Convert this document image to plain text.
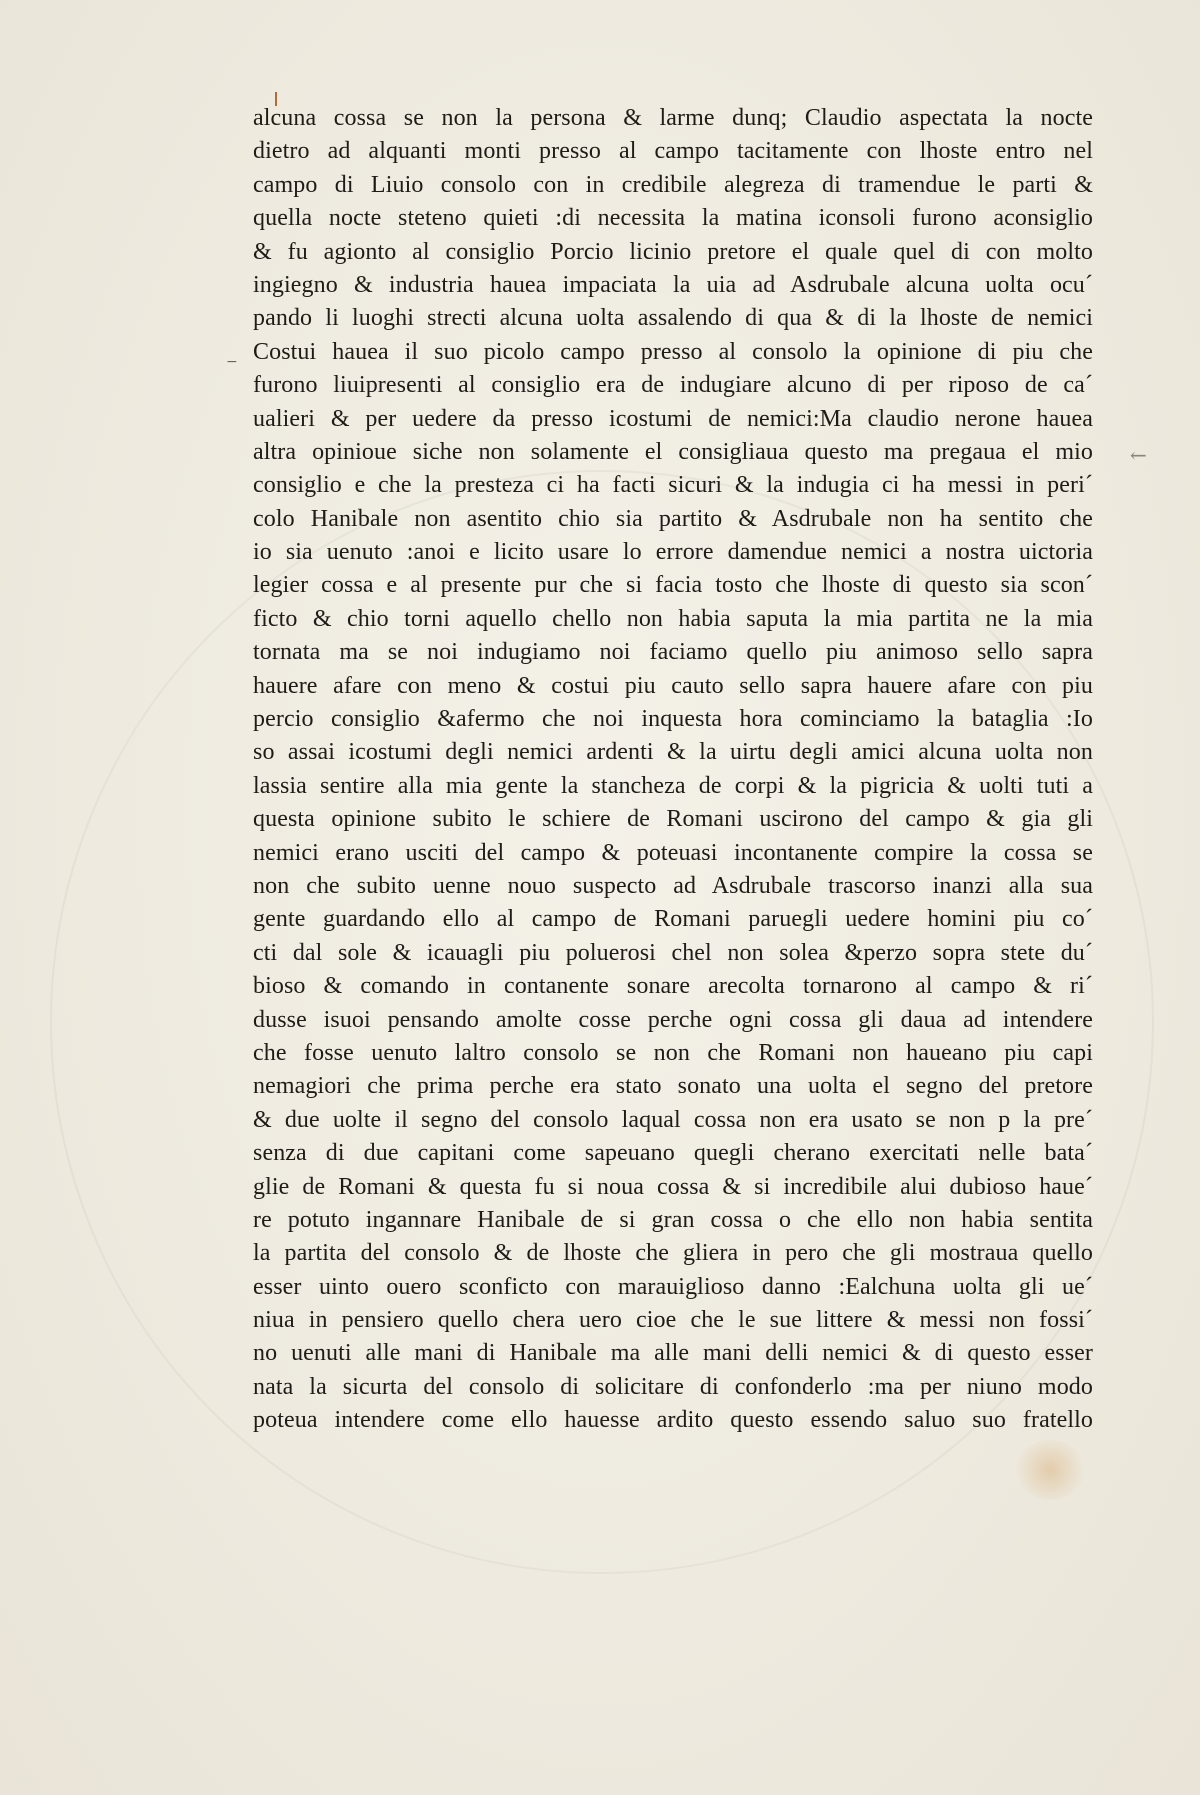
←
−
alcuna cossa se non la persona & larme dunq; Claudio aspectata la nocte
dietro ad alquanti monti presso al campo tacitamente con lhoste entro nel
campo di Liuio consolo con in credibile alegreza di tramendue le parti &
quella nocte steteno quieti :di necessita la matina iconsoli furono aconsiglio
& fu agionto al consiglio Porcio licinio pretore el quale quel di con molto
ingiegno & industria hauea impaciata la uia ad Asdrubale alcuna uolta ocu´
pando li luoghi strecti alcuna uolta assalendo di qua & di la lhoste de nemici
Costui hauea il suo picolo campo presso al consolo la opinione di piu che
furono liuipresenti al consiglio era de indugiare alcuno di per riposo de ca´
ualieri & per uedere da presso icostumi de nemici:Ma claudio nerone hauea
altra opinioue siche non solamente el consigliaua questo ma pregaua el mio
consiglio e che la presteza ci ha facti sicuri & la indugia ci ha messi in peri´
colo Hanibale non asentito chio sia partito & Asdrubale non ha sentito che
io sia uenuto :anoi e licito usare lo errore damendue nemici a nostra uictoria
legier cossa e al presente pur che si facia tosto che lhoste di questo sia scon´
ficto & chio torni aquello chello non habia saputa la mia partita ne la mia
tornata ma se noi indugiamo noi faciamo quello piu animoso sello sapra
hauere afare con meno & costui piu cauto sello sapra hauere afare con piu
percio consiglio &afermo che noi inquesta hora cominciamo la bataglia :Io
so assai icostumi degli nemici ardenti & la uirtu degli amici alcuna uolta non
lassia sentire alla mia gente la stancheza de corpi & la pigricia & uolti tuti a
questa opinione subito le schiere de Romani uscirono del campo & gia gli
nemici erano usciti del campo & poteuasi incontanente compire la cossa se
non che subito uenne nouo suspecto ad Asdrubale trascorso inanzi alla sua
gente guardando ello al campo de Romani paruegli uedere homini piu co´
cti dal sole & icauagli piu poluerosi chel non solea &perzo sopra stete du´
bioso & comando in contanente sonare arecolta tornarono al campo & ri´
dusse isuoi pensando amolte cosse perche ogni cossa gli daua ad intendere
che fosse uenuto laltro consolo se non che Romani non haueano piu capi
nemagiori che prima perche era stato sonato una uolta el segno del pretore
& due uolte il segno del consolo laqual cossa non era usato se non p la pre´
senza di due capitani come sapeuano quegli cherano exercitati nelle bata´
glie de Romani & questa fu si noua cossa & si incredibile alui dubioso haue´
re potuto ingannare Hanibale de si gran cossa o che ello non habia sentita
la partita del consolo & de lhoste che gliera in pero che gli mostraua quello
esser uinto ouero sconficto con marauiglioso danno :Ealchuna uolta gli ue´
niua in pensiero quello chera uero cioe che le sue littere & messi non fossi´
no uenuti alle mani di Hanibale ma alle mani delli nemici & di questo esser
nata la sicurta del consolo di solicitare di confonderlo :ma per niuno modo
poteua intendere come ello hauesse ardito questo essendo saluo suo fratello
